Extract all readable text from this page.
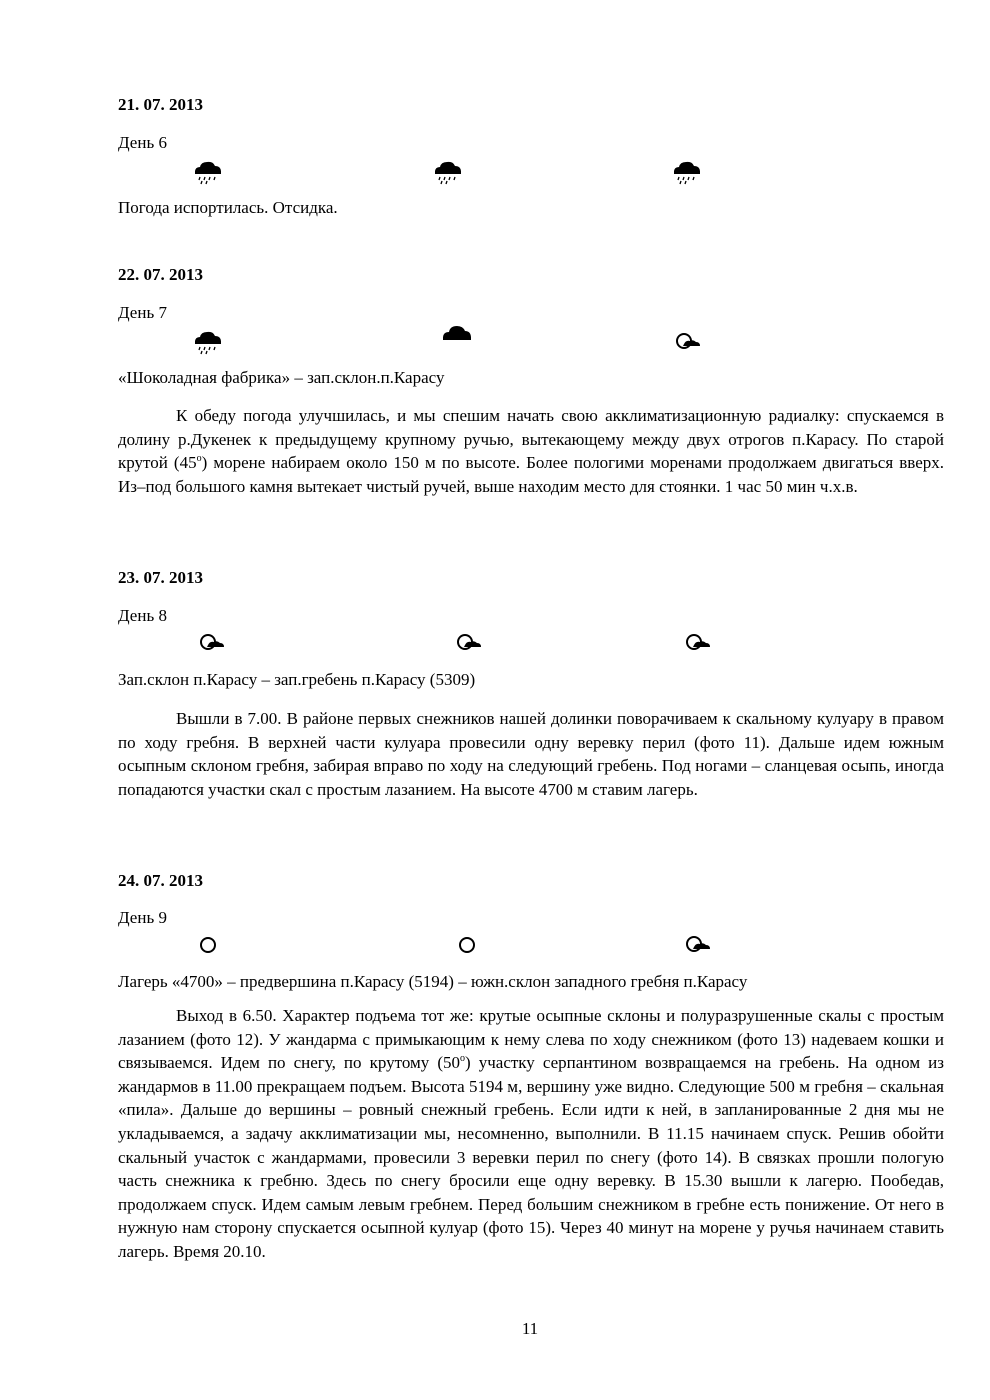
21. 07. 2013
День 6
Погода испортилась. Отсидка.
22. 07. 2013
День 7
«Шоколадная фабрика» – зап.склон.п.Карасу
К обеду погода улучшилась, и мы спешим начать свою акклиматизационную радиалку: спускаемся в долину р.Дукенек к предыдущему крупному ручью, вытекающему между двух отрогов п.Карасу. По старой крутой (45$^o$) морене набираем около 150 м по высоте. Более пологими моренами продолжаем двигаться вверх. Из–под большого камня вытекает чистый ручей, выше находим место для стоянки. 1 час 50 мин ч.х.в.
23. 07. 2013
День 8
Зап.склон п.Карасу – зап.гребень п.Карасу (5309)
Вышли в 7.00. В районе первых снежников нашей долинки поворачиваем к скальному кулуару в правом по ходу гребня. В верхней части кулуара провесили одну веревку перил (фото 11). Дальше идем южным осыпным склоном гребня, забирая вправо по ходу на следующий гребень. Под ногами – сланцевая осыпь, иногда попадаются участки скал с простым лазанием. На высоте 4700 м ставим лагерь.
24. 07. 2013
День 9
Лагерь «4700» – предвершина п.Карасу (5194) – южн.склон западного гребня п.Карасу
Выход в 6.50. Характер подъема тот же: крутые осыпные склоны и полуразрушенные скалы с простым лазанием (фото 12). У жандарма с примыкающим к нему слева по ходу снежником (фото 13) надеваем кошки и связываемся. Идем по снегу, по крутому (50$^o$) участку серпантином возвращаемся на гребень. На одном из жандармов в 11.00 прекращаем подъем. Высота 5194 м, вершину уже видно. Следующие 500 м гребня – скальная «пила». Дальше до вершины – ровный снежный гребень. Если идти к ней, в запланированные 2 дня мы не укладываемся, а задачу акклиматизации мы, несомненно, выполнили. В 11.15 начинаем спуск. Решив обойти скальный участок с жандармами, провесили 3 веревки перил по снегу (фото 14). В связках прошли пологую часть снежника к гребню. Здесь по снегу бросили еще одну веревку. В 15.30 вышли к лагерю. Пообедав, продолжаем спуск. Идем самым левым гребнем. Перед большим снежником в гребне есть понижение. От него в нужную нам сторону спускается осыпной кулуар (фото 15). Через 40 минут на морене у ручья начинаем ставить лагерь. Время 20.10.
11
